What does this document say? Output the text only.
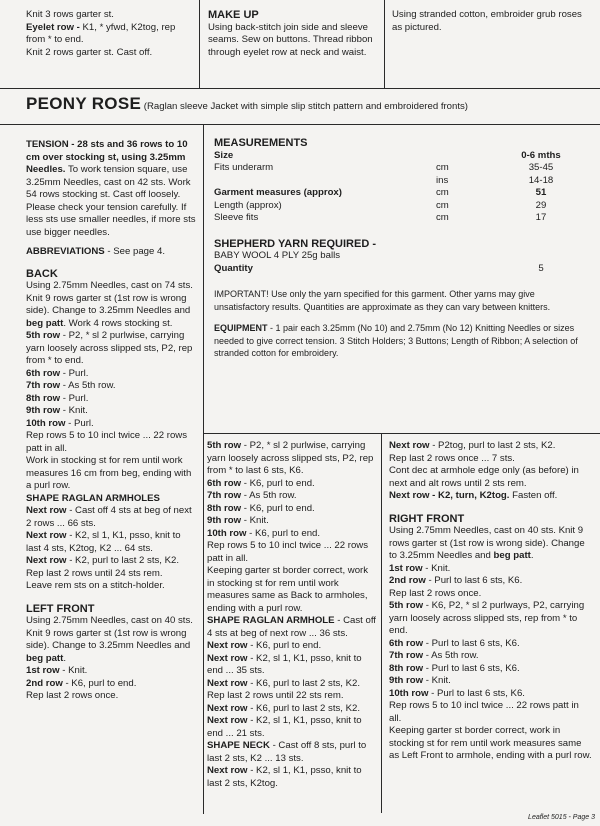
Knit 3 rows garter st.

Eyelet row - K1, * yfwd, K2tog, rep from * to end.

Knit 2 rows garter st. Cast off.

MAKE UP

Using back-stitch join side and sleeve seams. Sew on buttons. Thread ribbon through eyelet row at neck and waist.

Using stranded cotton, embroider grub roses as pictured.

PEONY ROSE (Raglan sleeve Jacket with simple slip stitch pattern and embroidered fronts)

TENSION - 28 sts and 36 rows to 10 cm over stocking st, using 3.25mm Needles. To work tension square, use 3.25mm Needles, cast on 42 sts. Work 54 rows stocking st. Cast off loosely. Please check your tension carefully. If less sts use smaller needles, if more sts use bigger needles.

ABBREVIATIONS - See page 4.

BACK

Using 2.75mm Needles, cast on 74 sts. Knit 9 rows garter st (1st row is wrong side). Change to 3.25mm Needles and beg patt. Work 4 rows stocking st.

5th row - P2, * sl 2 purlwise, carrying yarn loosely across slipped sts, P2, rep from * to end.

6th row - Purl.

7th row - As 5th row.

8th row - Purl.

9th row - Knit.

10th row - Purl.

Rep rows 5 to 10 incl twice ... 22 rows patt in all.

Work in stocking st for rem until work measures 16 cm from beg, ending with a purl row.

SHAPE RAGLAN ARMHOLES

Next row - Cast off 4 sts at beg of next 2 rows ... 66 sts.

Next row - K2, sl 1, K1, psso, knit to last 4 sts, K2tog, K2 ... 64 sts.

Next row - K2, purl to last 2 sts, K2.

Rep last 2 rows until 24 sts rem.

Leave rem sts on a stitch-holder.

LEFT FRONT

Using 2.75mm Needles, cast on 40 sts. Knit 9 rows garter st (1st row is wrong side). Change to 3.25mm Needles and beg patt.

1st row - Knit.

2nd row - K6, purl to end.

Rep last 2 rows once.

MEASUREMENTS

Size	0-6 mths
Fits underarm	cm	35-45
ins	14-18
Garment measures (approx)	cm	51
Length (approx)	cm	29
Sleeve fits	cm	17

SHEPHERD YARN REQUIRED -

BABY WOOL 4 PLY 25g balls

Quantity	5

IMPORTANT! Use only the yarn specified for this garment. Other yarns may give unsatisfactory results. Quantities are approximate as they can vary between knitters.

EQUIPMENT - 1 pair each 3.25mm (No 10) and 2.75mm (No 12) Knitting Needles or sizes needed to give correct tension. 3 Stitch Holders; 3 Buttons; Length of Ribbon; A selection of stranded cotton for embroidery.

5th row - P2, * sl 2 purlwise, carrying yarn loosely across slipped sts, P2, rep from * to last 6 sts, K6.

6th row - K6, purl to end.

7th row - As 5th row.

8th row - K6, purl to end.

9th row - Knit.

10th row - K6, purl to end.

Rep rows 5 to 10 incl twice ... 22 rows patt in all.

Keeping garter st border correct, work in stocking st for rem until work measures same as Back to armholes, ending with a purl row.

SHAPE RAGLAN ARMHOLE - Cast off 4 sts at beg of next row ... 36 sts.

Next row - K6, purl to end.

Next row - K2, sl 1, K1, psso, knit to end ... 35 sts.

Next row - K6, purl to last 2 sts, K2.

Rep last 2 rows until 22 sts rem.

Next row - K6, purl to last 2 sts, K2.

Next row - K2, sl 1, K1, psso, knit to end ... 21 sts.

SHAPE NECK - Cast off 8 sts, purl to last 2 sts, K2 ... 13 sts.

Next row - K2, sl 1, K1, psso, knit to last 2 sts, K2tog.

Next row - P2tog, purl to last 2 sts, K2.

Rep last 2 rows once ... 7 sts.

Cont dec at armhole edge only (as before) in next and alt rows until 2 sts rem.

Next row - K2, turn, K2tog. Fasten off.

RIGHT FRONT

Using 2.75mm Needles, cast on 40 sts. Knit 9 rows garter st (1st row is wrong side). Change to 3.25mm Needles and beg patt.

1st row - Knit.

2nd row - Purl to last 6 sts, K6.

Rep last 2 rows once.

5th row - K6, P2, * sl 2 purlways, P2, carrying yarn loosely across slipped sts, rep from * to end.

6th row - Purl to last 6 sts, K6.

7th row - As 5th row.

8th row - Purl to last 6 sts, K6.

9th row - Knit.

10th row - Purl to last 6 sts, K6.

Rep rows 5 to 10 incl twice ... 22 rows patt in all.

Keeping garter st border correct, work in stocking st for rem until work measures same as Left Front to armhole, ending with a purl row.

Leaflet 5015 - Page 3
